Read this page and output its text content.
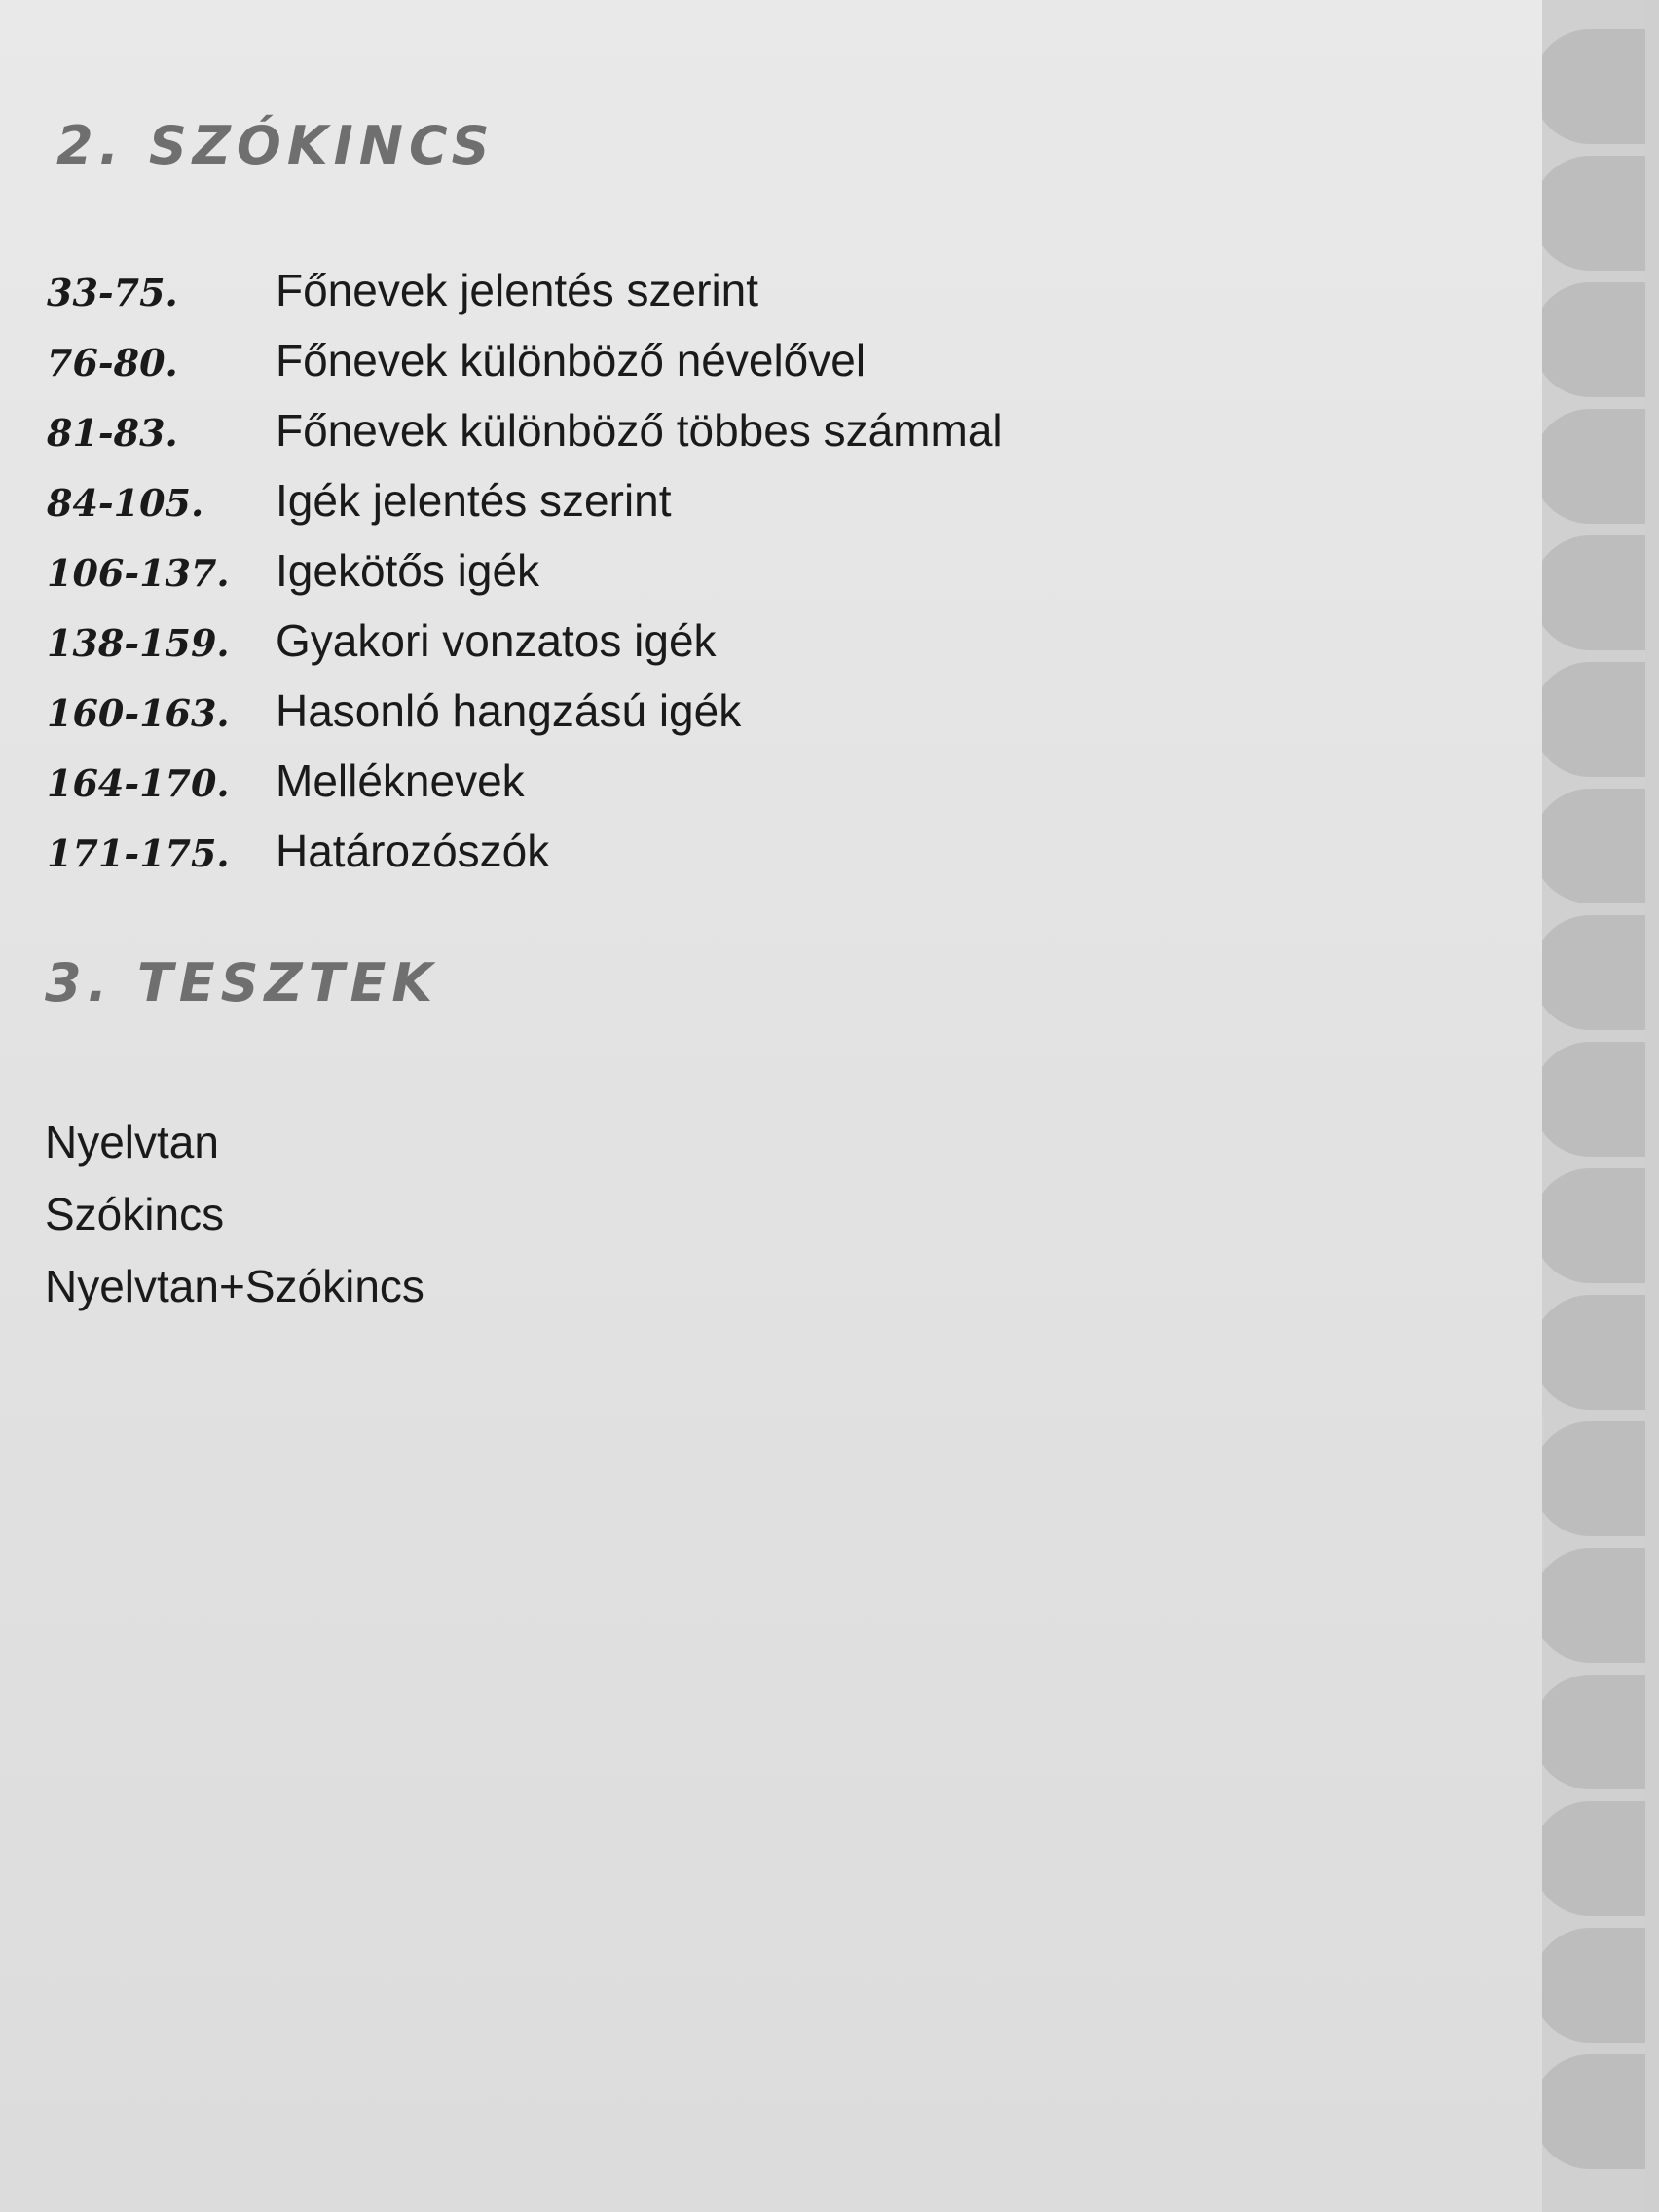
2. SZÓKINCS
33-75. Főnevek jelentés szerint
76-80. Főnevek különböző névelővel
81-83. Főnevek különböző többes számmal
84-105. Igék jelentés szerint
106-137. Igekötős igék
138-159. Gyakori vonzatos igék
160-163. Hasonló hangzású igék
164-170. Melléknevek
171-175. Határozószók
3. TESZTEK
Nyelvtan
Szókincs
Nyelvtan+Szókincs
